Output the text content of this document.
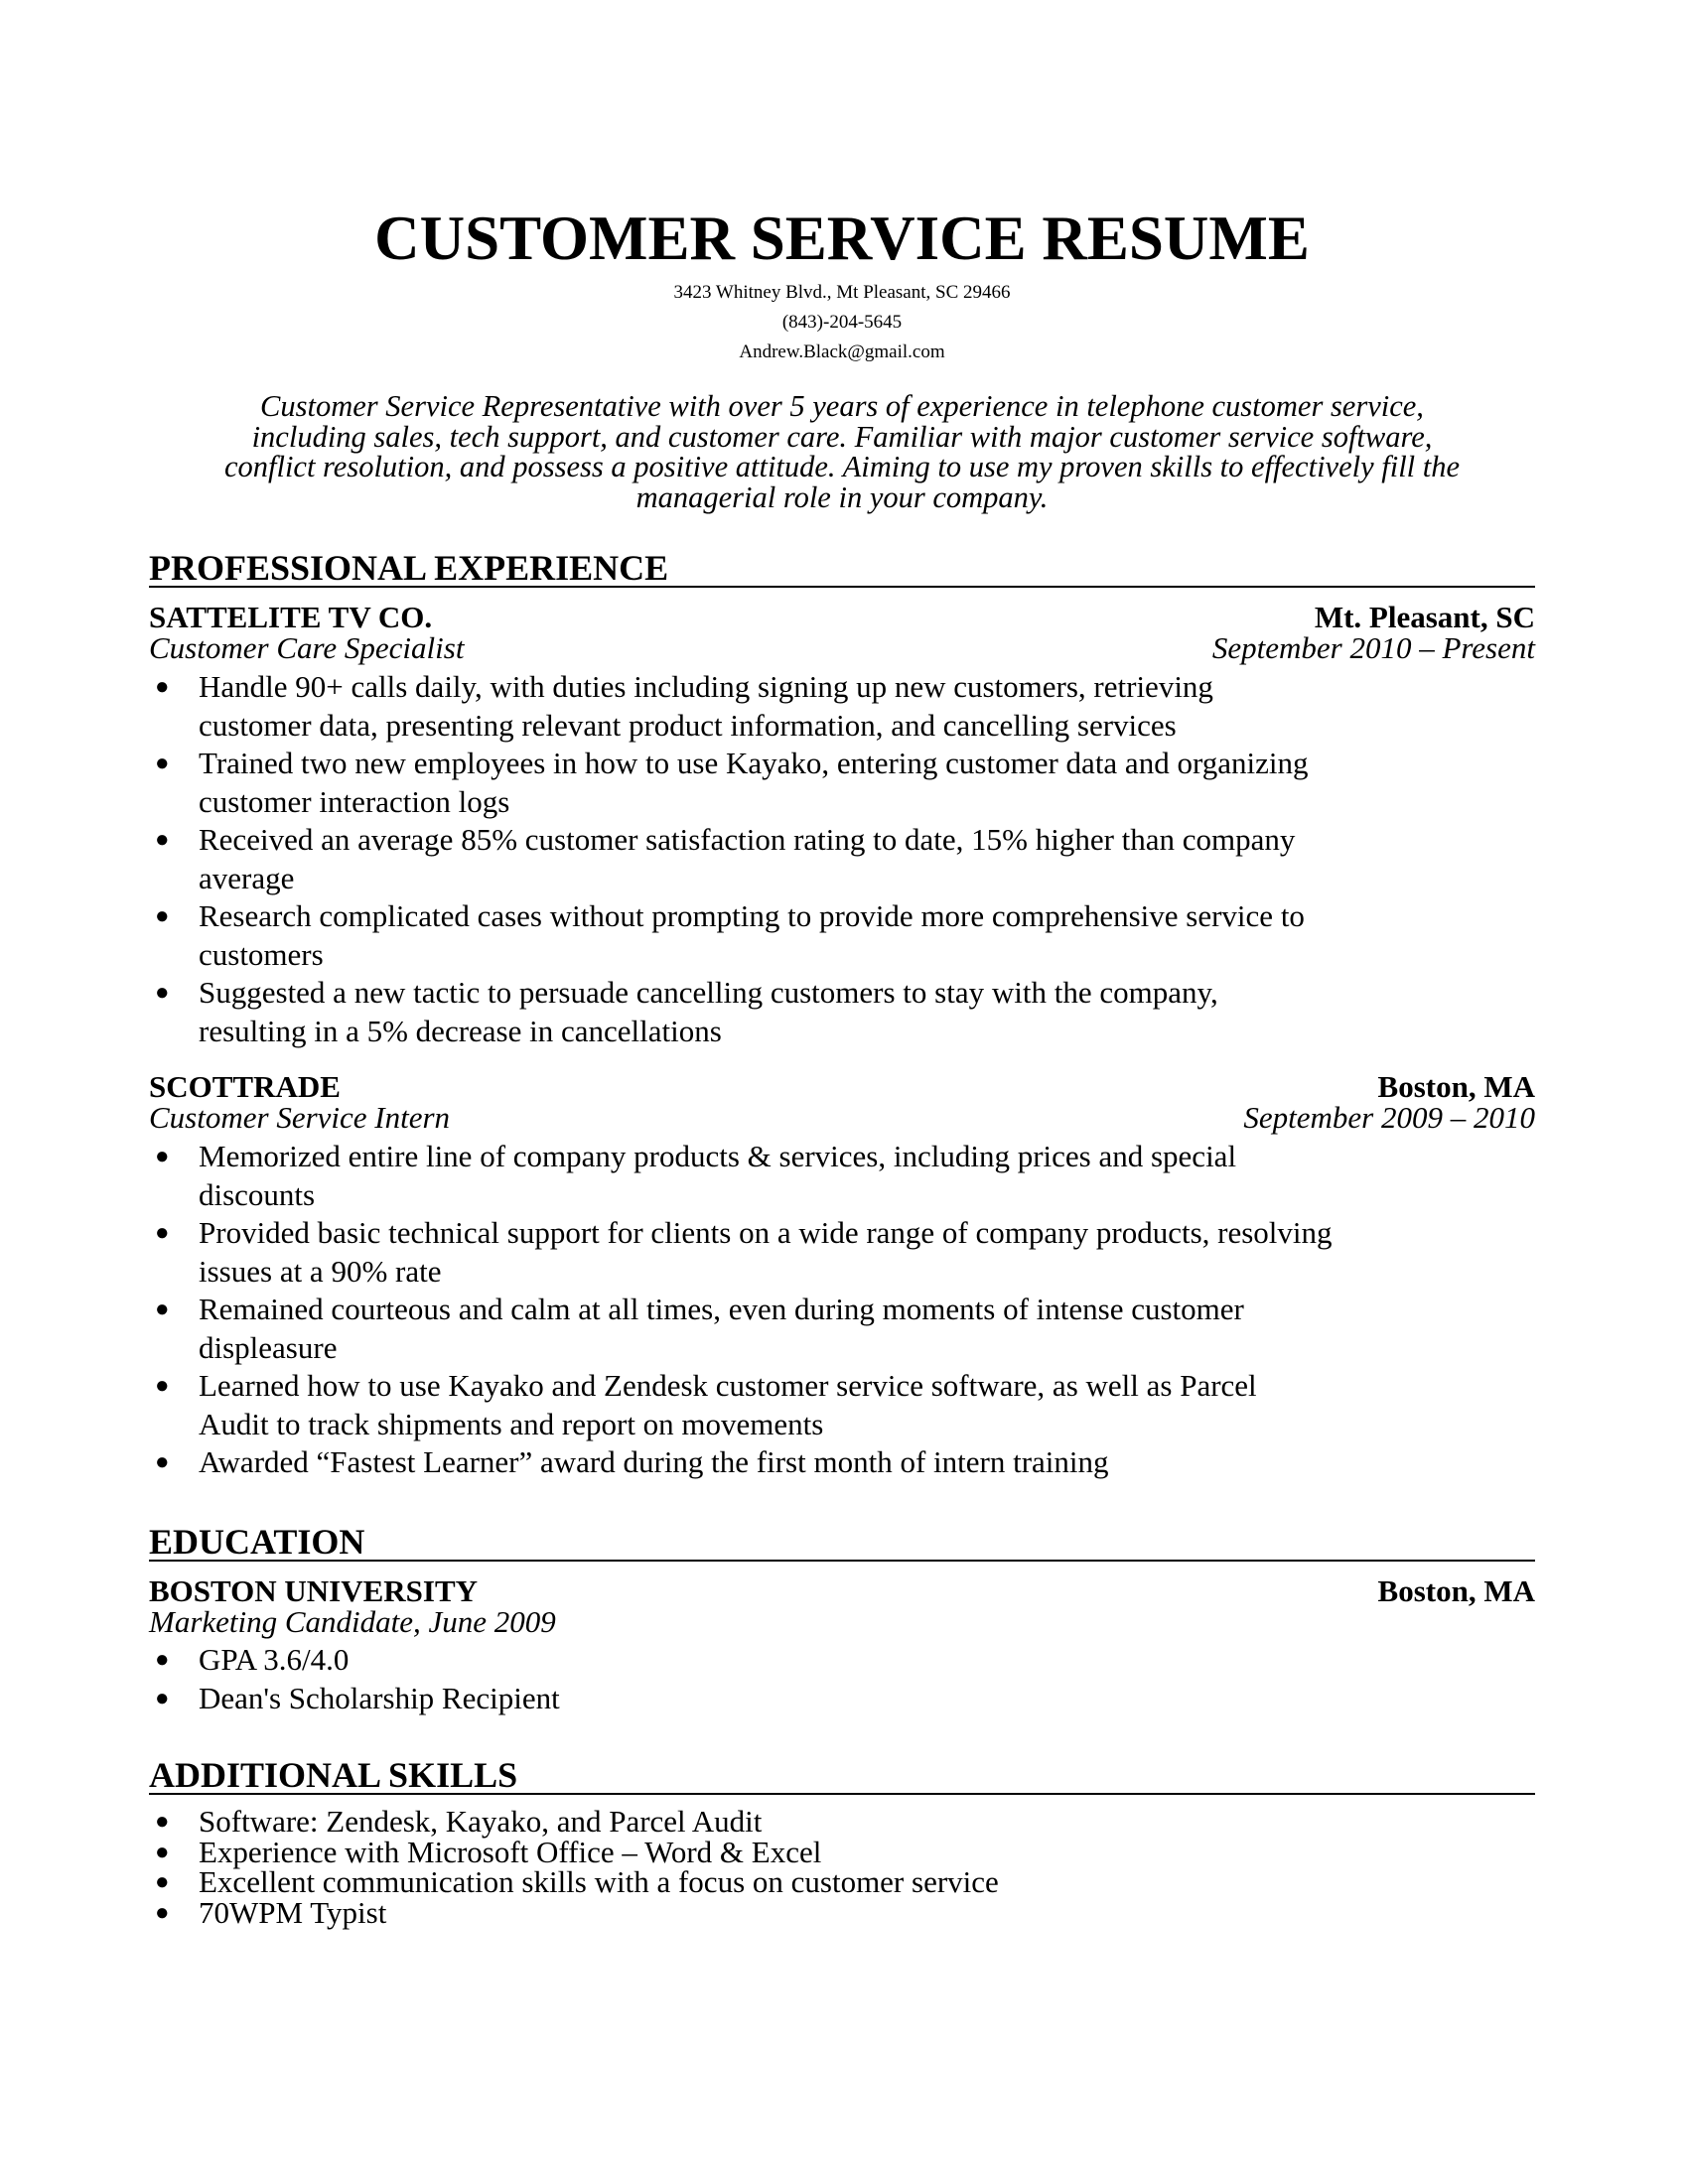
CUSTOMER SERVICE RESUME
3423 Whitney Blvd., Mt Pleasant, SC 29466
(843)-204-5645
Andrew.Black@gmail.com
Customer Service Representative with over 5 years of experience in telephone customer service,
including sales, tech support, and customer care. Familiar with major customer service software,
conflict resolution, and possess a positive attitude. Aiming to use my proven skills to effectively fill the
managerial role in your company.
PROFESSIONAL EXPERIENCE
SATTELITE TV CO.	Mt. Pleasant, SC
Customer Care Specialist	September 2010 – Present
● Handle 90+ calls daily, with duties including signing up new customers, retrieving
customer data, presenting relevant product information, and cancelling services
● Trained two new employees in how to use Kayako, entering customer data and organizing
customer interaction logs
● Received an average 85% customer satisfaction rating to date, 15% higher than company
average
● Research complicated cases without prompting to provide more comprehensive service to
customers
● Suggested a new tactic to persuade cancelling customers to stay with the company,
resulting in a 5% decrease in cancellations
SCOTTRADE	Boston, MA
Customer Service Intern	September 2009 – 2010
● Memorized entire line of company products & services, including prices and special
discounts
● Provided basic technical support for clients on a wide range of company products, resolving
issues at a 90% rate
● Remained courteous and calm at all times, even during moments of intense customer
displeasure
● Learned how to use Kayako and Zendesk customer service software, as well as Parcel
Audit to track shipments and report on movements
● Awarded “Fastest Learner” award during the first month of intern training
EDUCATION
BOSTON UNIVERSITY	Boston, MA
Marketing Candidate, June 2009
● GPA 3.6/4.0
● Dean's Scholarship Recipient
ADDITIONAL SKILLS
● Software: Zendesk, Kayako, and Parcel Audit
● Experience with Microsoft Office – Word & Excel
● Excellent communication skills with a focus on customer service
● 70WPM Typist
